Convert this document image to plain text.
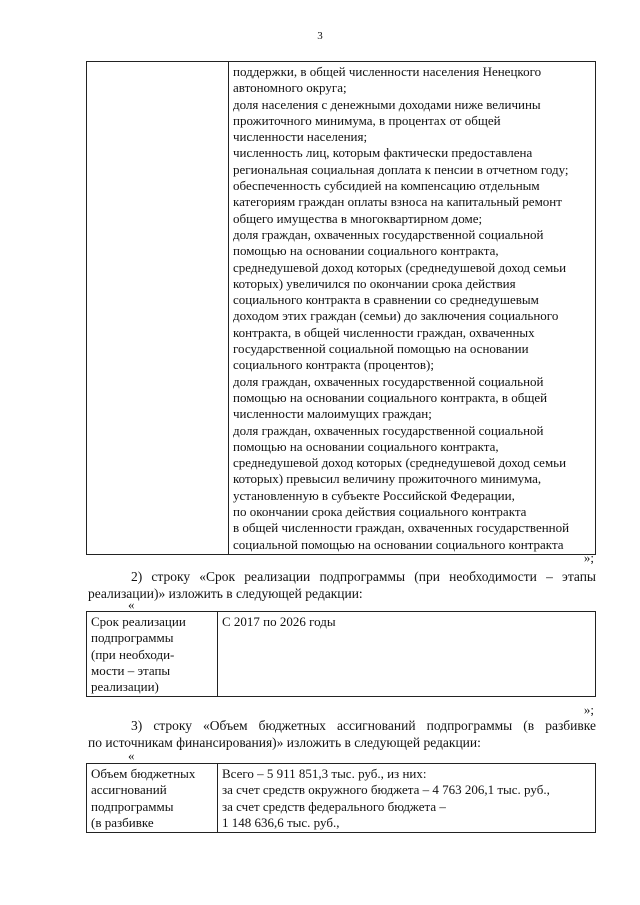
3

поддержки, в общей численности населения Ненецкого
автономного округа;
доля населения с денежными доходами ниже величины
прожиточного минимума, в процентах от общей
численности населения;
численность лиц, которым фактически предоставлена
региональная социальная доплата к пенсии в отчетном году;
обеспеченность субсидией на компенсацию отдельным
категориям граждан оплаты взноса на капитальный ремонт
общего имущества в многоквартирном доме;
доля граждан, охваченных государственной социальной
помощью на основании социального контракта,
среднедушевой доход которых (среднедушевой доход семьи
которых) увеличился по окончании срока действия
социального контракта в сравнении со среднедушевым
доходом этих граждан (семьи) до заключения социального
контракта, в общей численности граждан, охваченных
государственной социальной помощью на основании
социального контракта (процентов);
доля граждан, охваченных государственной социальной
помощью на основании социального контракта, в общей
численности малоимущих граждан;
доля граждан, охваченных государственной социальной
помощью на основании социального контракта,
среднедушевой доход которых (среднедушевой доход семьи
которых) превысил величину прожиточного минимума,
установленную в субъекте Российской Федерации,
по окончании срока действия социального контракта
в общей численности граждан, охваченных государственной
социальной помощью на основании социального контракта
»;
2) строку «Срок реализации подпрограммы (при необходимости – этапы
реализации)» изложить в следующей редакции:
«
Срок реализации
подпрограммы
(при необходи-
мости – этапы
реализации)
	С 2017 по 2026 годы
»;
3) строку «Объем бюджетных ассигнований подпрограммы (в разбивке
по источникам финансирования)» изложить в следующей редакции:
«
Объем бюджетных
ассигнований
подпрограммы
(в разбивке

Всего – 5 911 851,3 тыс. руб., из них:
за счет средств окружного бюджета – 4 763 206,1 тыс. руб.,
за счет средств федерального бюджета –
1 148 636,6 тыс. руб.,
